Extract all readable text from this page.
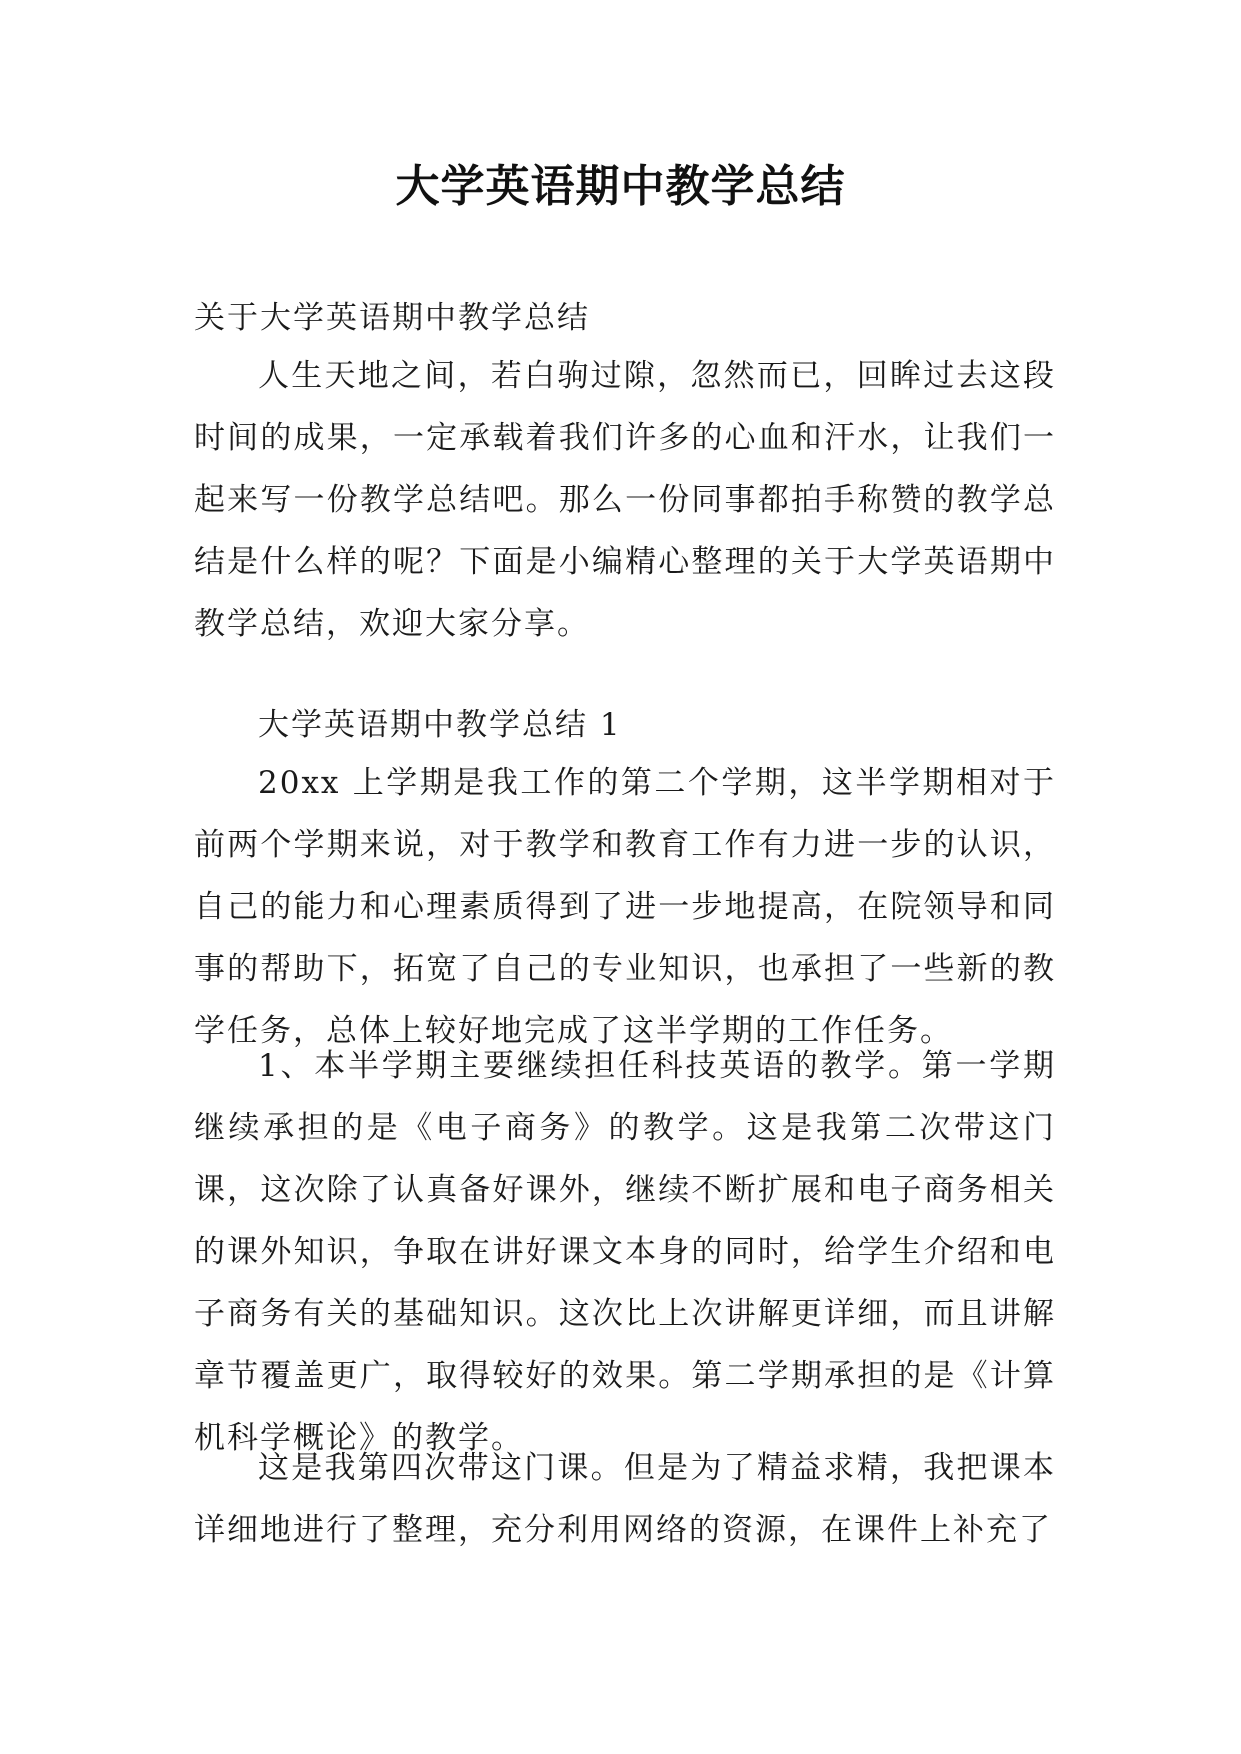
大学英语期中教学总结

关于大学英语期中教学总结

人生天地之间，若白驹过隙，忽然而已，回眸过去这段时间的成果，一定承载着我们许多的心血和汗水，让我们一起来写一份教学总结吧。那么一份同事都拍手称赞的教学总结是什么样的呢？下面是小编精心整理的关于大学英语期中教学总结，欢迎大家分享。

大学英语期中教学总结 1

20xx 上学期是我工作的第二个学期，这半学期相对于前两个学期来说，对于教学和教育工作有力进一步的认识，自己的能力和心理素质得到了进一步地提高，在院领导和同事的帮助下，拓宽了自己的专业知识，也承担了一些新的教学任务，总体上较好地完成了这半学期的工作任务。

1、本半学期主要继续担任科技英语的教学。第一学期继续承担的是《电子商务》的教学。这是我第二次带这门课，这次除了认真备好课外，继续不断扩展和电子商务相关的课外知识，争取在讲好课文本身的同时，给学生介绍和电子商务有关的基础知识。这次比上次讲解更详细，而且讲解章节覆盖更广，取得较好的效果。第二学期承担的是《计算机科学概论》的教学。

这是我第四次带这门课。但是为了精益求精，我把课本详细地进行了整理，充分利用网络的资源，在课件上补充了
